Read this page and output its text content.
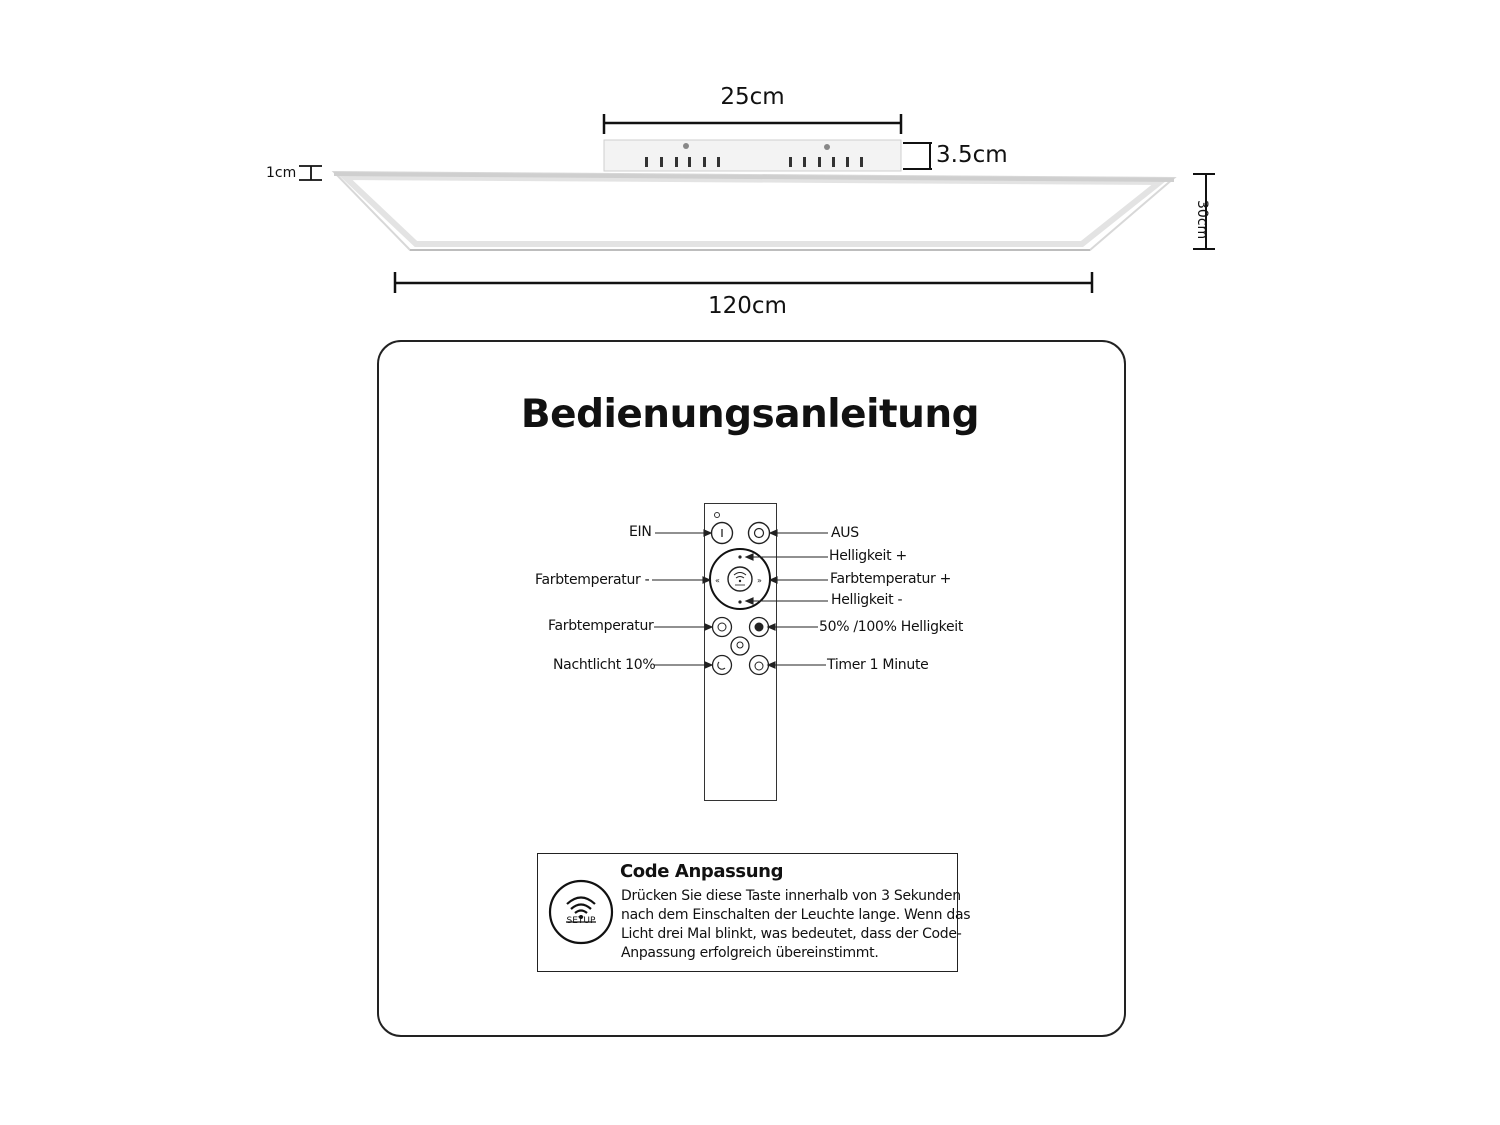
25cm
3.5cm
1cm
30cm
120cm
Bedienungsanleitung
«	»
EIN	AUS
Helligkeit +
Farbtemperatur -	Farbtemperatur +
Helligkeit -
Farbtemperatur	50% /100% Helligkeit
Nachtlicht 10%	Timer 1 Minute
SETUP
Code Anpassung
Drücken Sie diese Taste innerhalb von 3 Sekunden
nach dem Einschalten der Leuchte lange. Wenn das
Licht drei Mal blinkt, was bedeutet, dass der Code-
Anpassung erfolgreich übereinstimmt.
